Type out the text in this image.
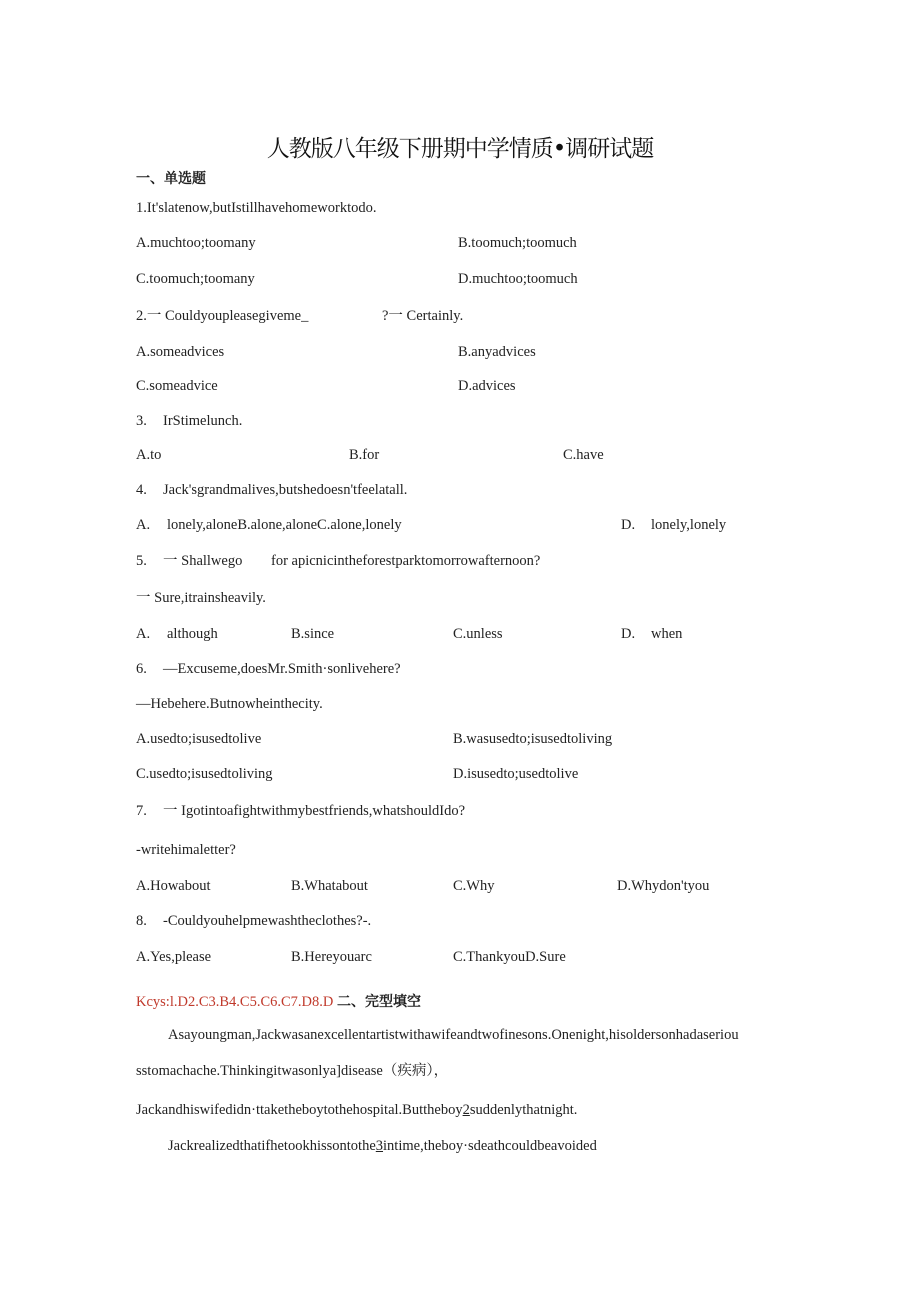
人教版八年级下册期中学情质•调研试题
一、单选题
1.It'slatenow,butIstillhavehomeworktodo.
A.muchtoo;toomany	B.toomuch;toomuch
C.toomuch;toomany	D.muchtoo;toomuch
2.一 Couldyoupleasegiveme_	?一 Certainly.
A.someadvices	B.anyadvices
C.someadvice	D.advices
3. IrStimelunch.
A.to	B.for	C.have
4. Jack'sgrandmalives,butshedoesn'tfeelatall.
A. lonely,aloneB.alone,aloneC.alone,lonely	D. lonely,lonely
5. 一 Shallwego for apicnicintheforestparktomorrowafternoon?
一 Sure,itrainsheavily.
A. although	B.since	C.unless	D. when
6. —Excuseme,doesMr.Smith·sonlivehere?
—Hebehere.Butnowheinthecity.
A.usedto;isusedtolive	B.wasusedto;isusedtoliving
C.usedto;isusedtoliving	D.isusedto;usedtolive
7. 一 Igotintoafightwithmybestfriends,whatshouldIdo?
-writehimaletter?
A.Howabout	B.Whatabout	C.Why	D.Whydon'tyou
8. -Couldyouhelpmewashtheclothes?-.
A.Yes,please	B.Hereyouarc	C.ThankyouD.Sure
Kcys:l.D2.C3.B4.C5.C6.C7.D8.D 二、完型填空
Asayoungman,Jackwasanexcellentartistwithawifeandtwofinesons.Onenight,hisoldersonhadaseriou
sstomachache.Thinkingitwasonlya]disease（疾病），
Jackandhiswifedidn·ttaketheboytothehospital.Buttheboy2suddenlythatnight.
Jackrealizedthatifhetookhissontothe3intime,theboy·sdeathcouldbeavoided
